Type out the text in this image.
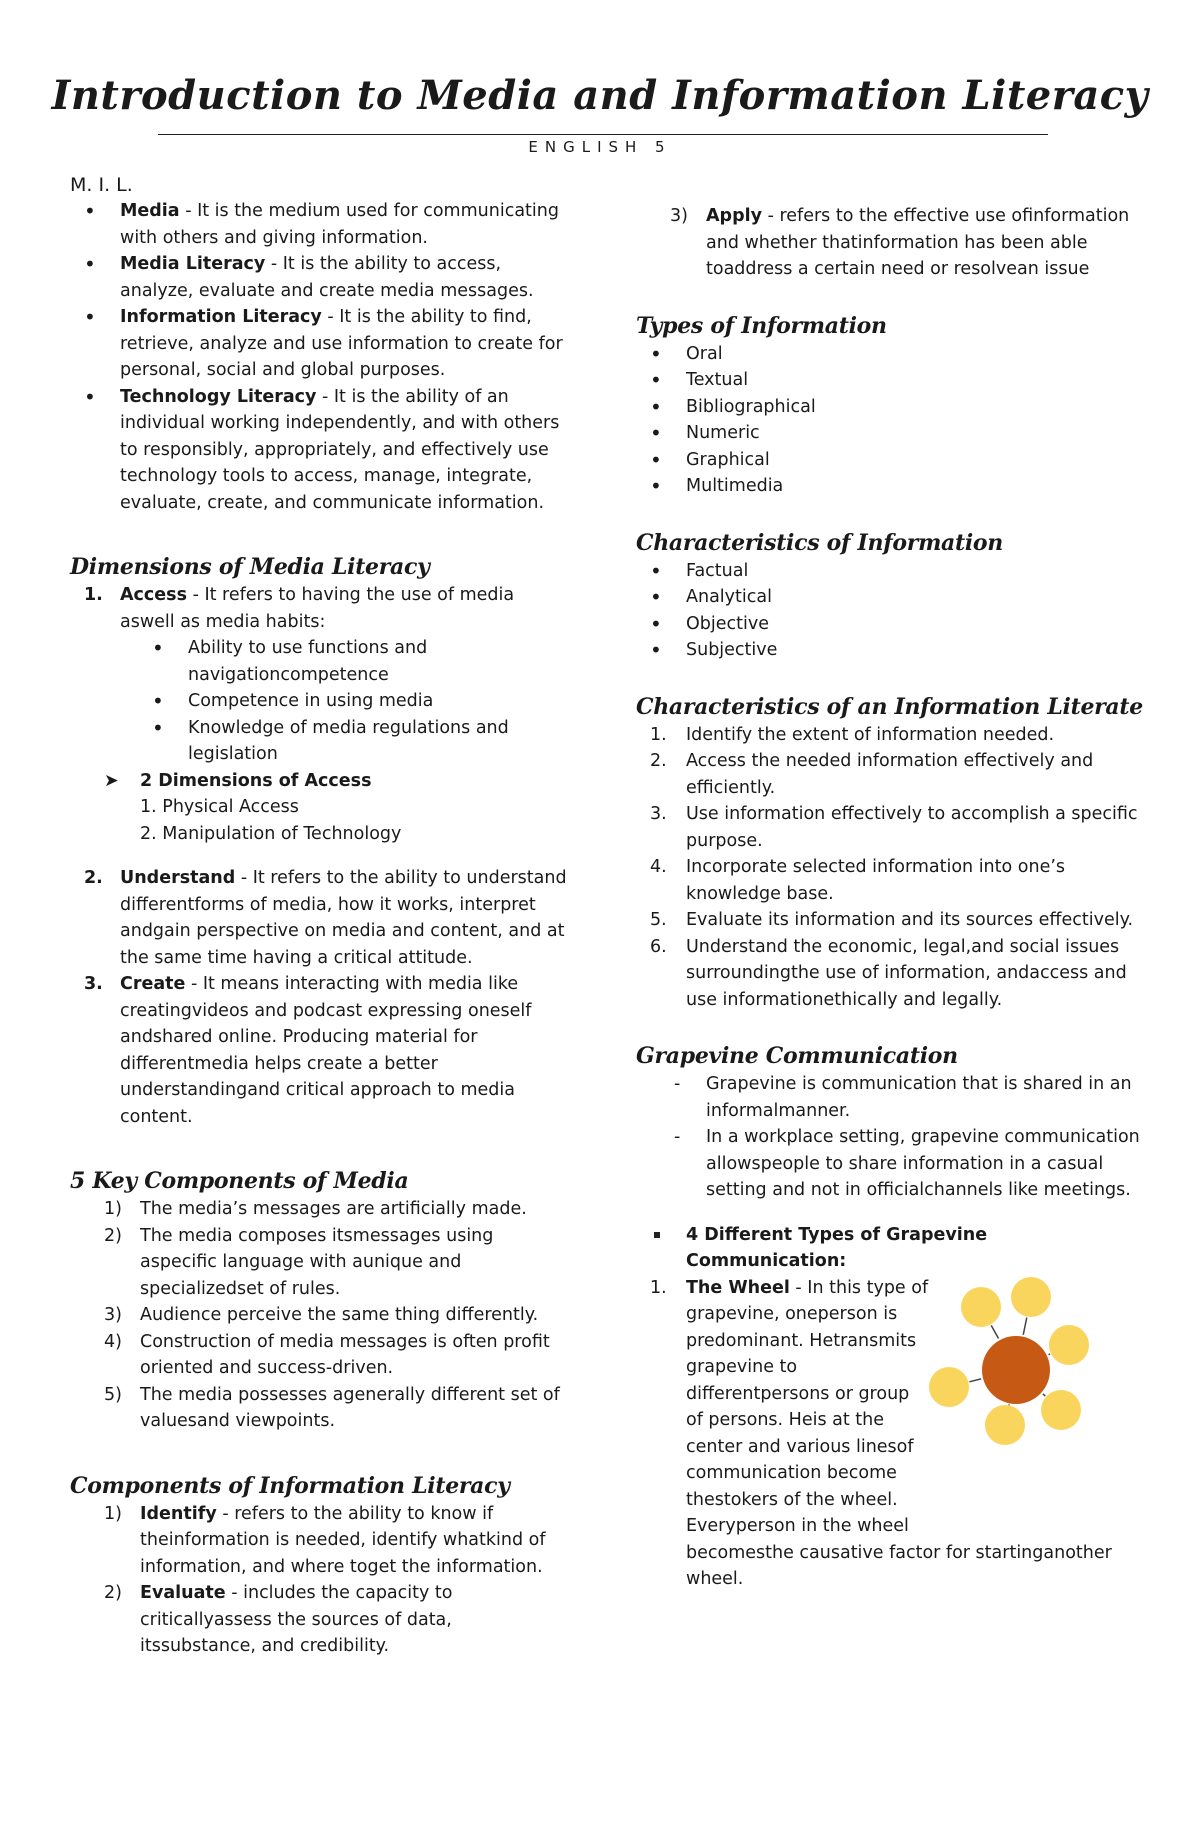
Introduction to Media and Information Literacy
ENGLISH 5
M. I. L.
• Media - It is the medium used for communicating with others and giving information.
• Media Literacy - It is the ability to access, analyze, evaluate and create media messages.
• Information Literacy - It is the ability to find, retrieve, analyze and use information to create for personal, social and global purposes.
• Technology Literacy - It is the ability of an individual working independently, and with others to responsibly, appropriately, and effectively use technology tools to access, manage, integrate, evaluate, create, and communicate information.
Dimensions of Media Literacy
1. Access - It refers to having the use of media aswell as media habits:
• Ability to use functions and navigationcompetence
• Competence in using media
• Knowledge of media regulations and legislation
➤ 2 Dimensions of Access
1. Physical Access
2. Manipulation of Technology
2. Understand - It refers to the ability to understand differentforms of media, how it works, interpret andgain perspective on media and content, and at the same time having a critical attitude.
3. Create - It means interacting with media like creatingvideos and podcast expressing oneself andshared online. Producing material for differentmedia helps create a better understandingand critical approach to media content.
5 Key Components of Media
1) The media’s messages are artificially made.
2) The media composes itsmessages using aspecific language with aunique and specializedset of rules.
3) Audience perceive the same thing differently.
4) Construction of media messages is often profit oriented and success-driven.
5) The media possesses agenerally different set of valuesand viewpoints.
Components of Information Literacy
1) Identify - refers to the ability to know if theinformation is needed, identify whatkind of information, and where toget the information.
2) Evaluate - includes the capacity to criticallyassess the sources of data, itssubstance, and credibility.
3) Apply - refers to the effective use ofinformation and whether thatinformation has been able toaddress a certain need or resolvean issue
Types of Information
• Oral
• Textual
• Bibliographical
• Numeric
• Graphical
• Multimedia
Characteristics of Information
• Factual
• Analytical
• Objective
• Subjective
Characteristics of an Information Literate
1. Identify the extent of information needed.
2. Access the needed information effectively and efficiently.
3. Use information effectively to accomplish a specific purpose.
4. Incorporate selected information into one’s knowledge base.
5. Evaluate its information and its sources effectively.
6. Understand the economic, legal,and social issues surroundingthe use of information, andaccess and use informationethically and legally.
Grapevine Communication
- Grapevine is communication that is shared in an informalmanner.
- In a workplace setting, grapevine communication allowspeople to share information in a casual setting and not in officialchannels like meetings.
4 Different Types of Grapevine Communication:
1. The Wheel - In this type of grapevine, oneperson is predominant. Hetransmits grapevine to differentpersons or group of persons. Heis at the center and various linesof communication become thestokers of the wheel. Everyperson in the wheel
becomesthe causative factor for startinganother wheel.
